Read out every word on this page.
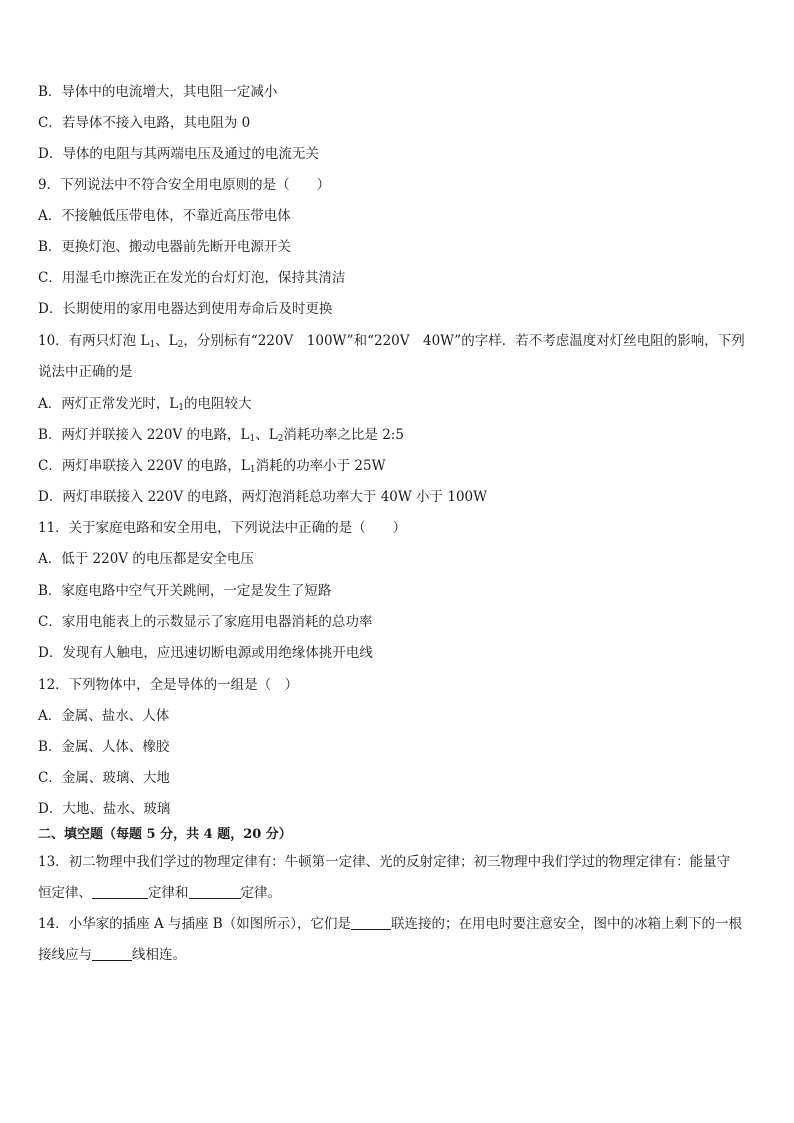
B．导体中的电流增大，其电阻一定减小
C．若导体不接入电路，其电阻为 0
D．导体的电阻与其两端电压及通过的电流无关
9．下列说法中不符合安全用电原则的是（　　）
A．不接触低压带电体，不靠近高压带电体
B．更换灯泡、搬动电器前先断开电源开关
C．用湿毛巾擦洗正在发光的台灯灯泡，保持其清洁
D．长期使用的家用电器达到使用寿命后及时更换
10．有两只灯泡 $L_1$、$L_2$，分别标有“220V　100W”和“220V　40W”的字样．若不考虑温度对灯丝电阻的影响，下列
说法中正确的是
A．两灯正常发光时，$L_1$的电阻较大
B．两灯并联接入 220V 的电路，$L_1$、$L_2$消耗功率之比是 2:5
C．两灯串联接入 220V 的电路，$L_1$消耗的功率小于 25W
D．两灯串联接入 220V 的电路，两灯泡消耗总功率大于 40W 小于 100W
11．关于家庭电路和安全用电，下列说法中正确的是（　　）
A．低于 220V 的电压都是安全电压
B．家庭电路中空气开关跳闸，一定是发生了短路
C．家用电能表上的示数显示了家庭用电器消耗的总功率
D．发现有人触电，应迅速切断电源或用绝缘体挑开电线
12．下列物体中，全是导体的一组是（　）
A．金属、盐水、人体
B．金属、人体、橡胶
C．金属、玻璃、大地
D．大地、盐水、玻璃
二、填空题（每题 5 分，共 4 题，20 分）
13．初二物理中我们学过的物理定律有：牛顿第一定律、光的反射定律；初三物理中我们学过的物理定律有：能量守
恒定律、	定律和	定律。
14．小华家的插座 A 与插座 B（如图所示），它们是	联连接的；在用电时要注意安全，图中的冰箱上剩下的一根
接线应与	线相连。
